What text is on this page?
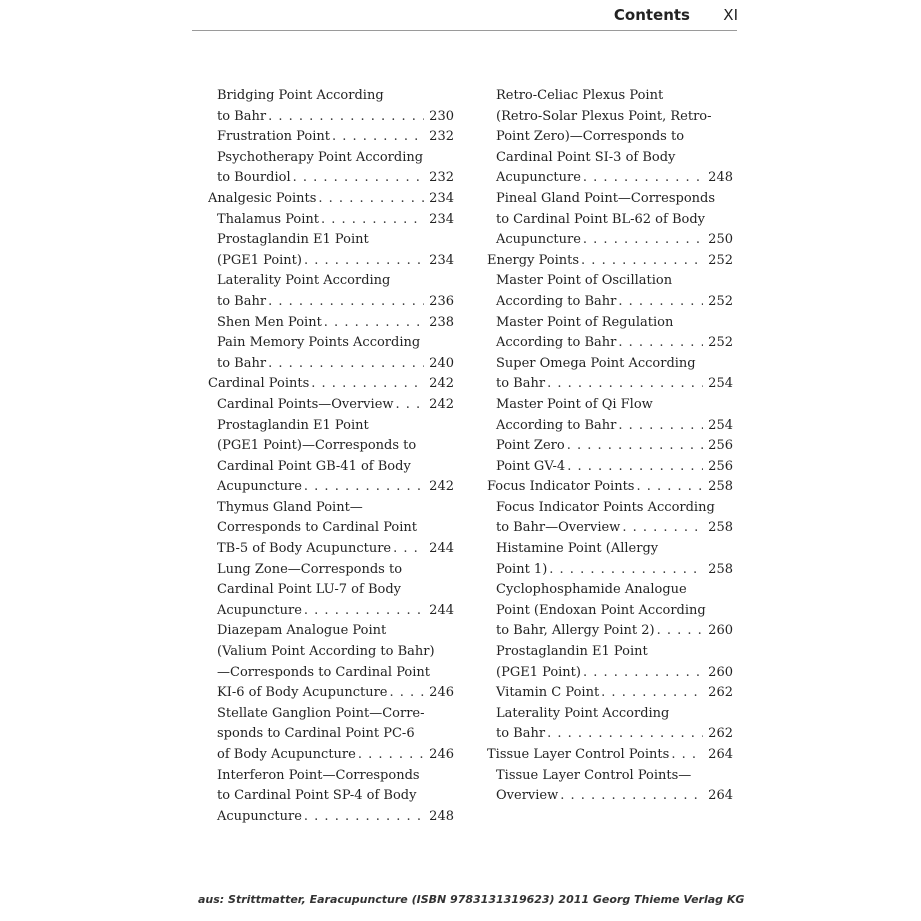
Contents XI
Bridging Point According
to Bahr . . .	230
Frustration Point . . .	232
Psychotherapy Point According
to Bourdiol . . .	232
Analgesic Points . . .	234
Thalamus Point . . .	234
Prostaglandin E1 Point
(PGE1 Point) . . .	234
Laterality Point According
to Bahr . . .	236
Shen Men Point . . .	238
Pain Memory Points According
to Bahr . . .	240
Cardinal Points . . .	242
Cardinal Points—Overview . . .	242
Prostaglandin E1 Point
(PGE1 Point)—Corresponds to
Cardinal Point GB-41 of Body
Acupuncture . . .	242
Thymus Gland Point—
Corresponds to Cardinal Point
TB-5 of Body Acupuncture . . .	244
Lung Zone—Corresponds to
Cardinal Point LU-7 of Body
Acupuncture . . .	244
Diazepam Analogue Point
(Valium Point According to Bahr)
—Corresponds to Cardinal Point
KI-6 of Body Acupuncture . . .	246
Stellate Ganglion Point—Corre-
sponds to Cardinal Point PC-6
of Body Acupuncture . . .	246
Interferon Point—Corresponds
to Cardinal Point SP-4 of Body
Acupuncture . . .	248
Retro-Celiac Plexus Point
(Retro-Solar Plexus Point, Retro-
Point Zero)—Corresponds to
Cardinal Point SI-3 of Body
Acupuncture . . .	248
Pineal Gland Point—Corresponds
to Cardinal Point BL-62 of Body
Acupuncture . . .	250
Energy Points . . .	252
Master Point of Oscillation
According to Bahr . . .	252
Master Point of Regulation
According to Bahr . . .	252
Super Omega Point According
to Bahr . . .	254
Master Point of Qi Flow
According to Bahr . . .	254
Point Zero . . .	256
Point GV-4 . . .	256
Focus Indicator Points . . .	258
Focus Indicator Points According
to Bahr—Overview . . .	258
Histamine Point (Allergy
Point 1) . . .	258
Cyclophosphamide Analogue
Point (Endoxan Point According
to Bahr, Allergy Point 2) . . .	260
Prostaglandin E1 Point
(PGE1 Point) . . .	260
Vitamin C Point . . .	262
Laterality Point According
to Bahr . . .	262
Tissue Layer Control Points . . .	264
Tissue Layer Control Points—
Overview . . .	264
aus: Strittmatter, Earacupuncture (ISBN 9783131319623) 2011 Georg Thieme Verlag KG
